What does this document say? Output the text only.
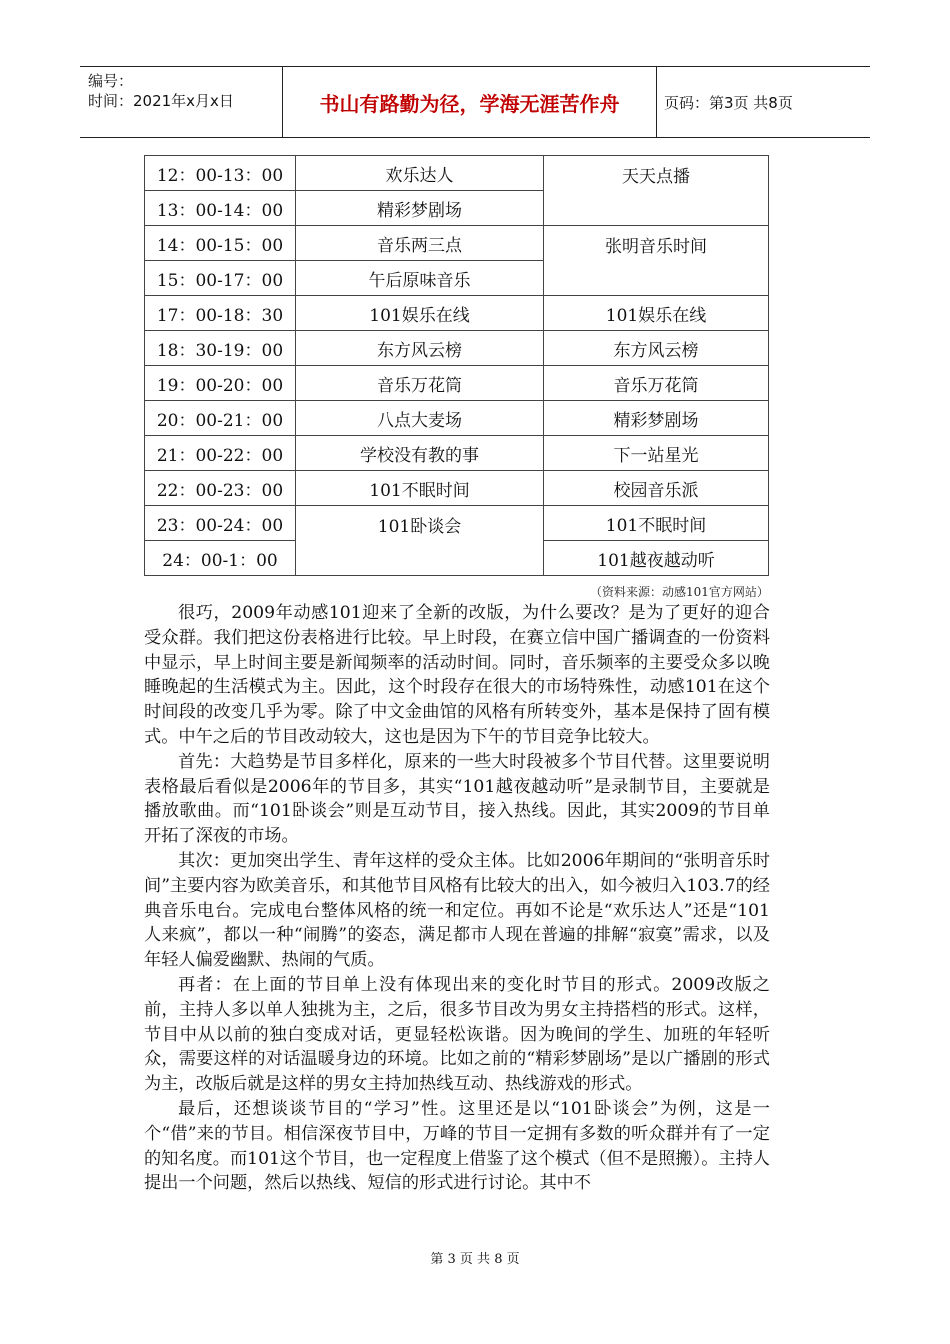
编号：
时间：2021年x月x日	书山有路勤为径，学海无涯苦作舟	页码：第3页 共8页
12：00-13：00	欢乐达人	天天点播
13：00-14：00	精彩梦剧场	
14：00-15：00	音乐两三点	张明音乐时间
15：00-17：00	午后原味音乐	
17：00-18：30	101娱乐在线	101娱乐在线
18：30-19：00	东方风云榜	东方风云榜
19：00-20：00	音乐万花筒	音乐万花筒
20：00-21：00	八点大麦场	精彩梦剧场
21：00-22：00	学校没有教的事	下一站星光
22：00-23：00	101不眠时间	校园音乐派
23：00-24：00	101卧谈会	101不眠时间
24：00-1：00		101越夜越动听
（资料来源：动感101官方网站）

很巧，2009年动感101迎来了全新的改版，为什么要改？是为了更好的迎合受众群。我们把这份表格进行比较。早上时段，在赛立信中国广播调查的一份资料中显示，早上时间主要是新闻频率的活动时间。同时，音乐频率的主要受众多以晚睡晚起的生活模式为主。因此，这个时段存在很大的市场特殊性，动感101在这个时间段的改变几乎为零。除了中文金曲馆的风格有所转变外，基本是保持了固有模式。中午之后的节目改动较大，这也是因为下午的节目竞争比较大。

首先：大趋势是节目多样化，原来的一些大时段被多个节目代替。这里要说明表格最后看似是2006年的节目多，其实“101越夜越动听”是录制节目，主要就是播放歌曲。而“101卧谈会”则是互动节目，接入热线。因此，其实2009的节目单开拓了深夜的市场。

其次：更加突出学生、青年这样的受众主体。比如2006年期间的“张明音乐时间”主要内容为欧美音乐，和其他节目风格有比较大的出入，如今被归入103.7的经典音乐电台。完成电台整体风格的统一和定位。再如不论是“欢乐达人”还是“101人来疯”，都以一种“闹腾”的姿态，满足都市人现在普遍的排解“寂寞”需求，以及年轻人偏爱幽默、热闹的气质。

再者：在上面的节目单上没有体现出来的变化时节目的形式。2009改版之前，主持人多以单人独挑为主，之后，很多节目改为男女主持搭档的形式。这样，节目中从以前的独白变成对话，更显轻松诙谐。因为晚间的学生、加班的年轻听众，需要这样的对话温暖身边的环境。比如之前的“精彩梦剧场”是以广播剧的形式为主，改版后就是这样的男女主持加热线互动、热线游戏的形式。

最后，还想谈谈节目的“学习”性。这里还是以“101卧谈会”为例，这是一个“借”来的节目。相信深夜节目中，万峰的节目一定拥有多数的听众群并有了一定的知名度。而101这个节目，也一定程度上借鉴了这个模式（但不是照搬）。主持人提出一个问题，然后以热线、短信的形式进行讨论。其中不

第 3 页 共 8 页
